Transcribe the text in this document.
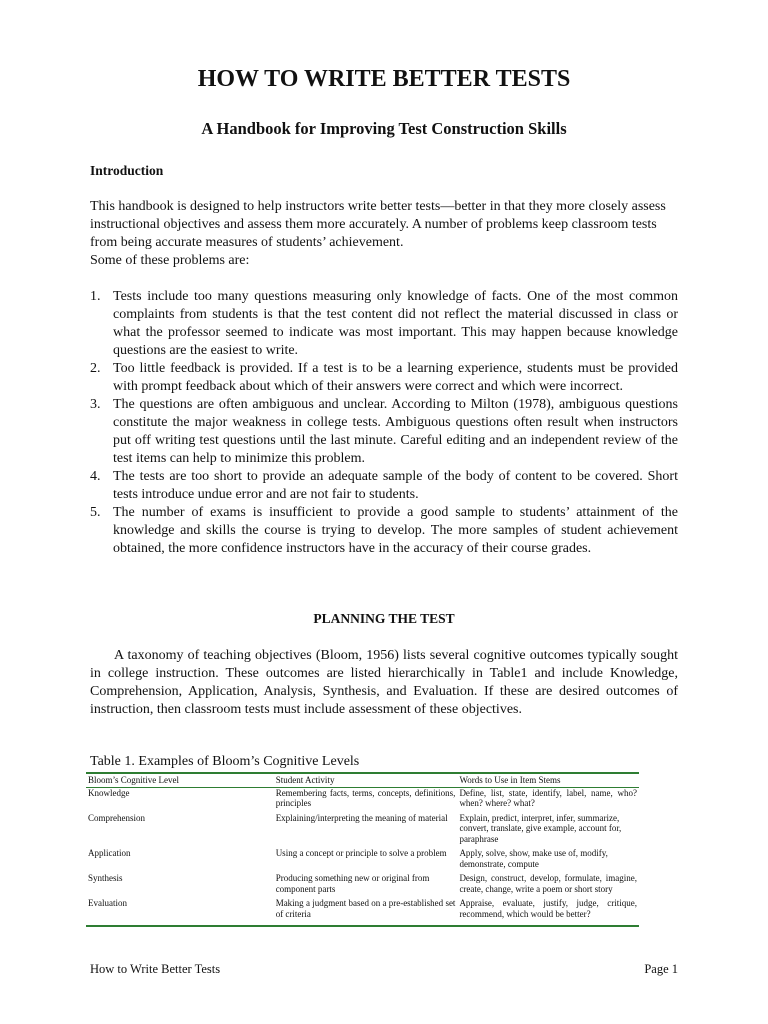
HOW TO WRITE BETTER TESTS
A Handbook for Improving Test Construction Skills
Introduction

This handbook is designed to help instructors write better tests—better in that they more closely assess instructional objectives and assess them more accurately. A number of problems keep classroom tests from being accurate measures of students’ achievement.

Some of these problems are:

1. Tests include too many questions measuring only knowledge of facts. One of the most common complaints from students is that the test content did not reflect the material discussed in class or what the professor seemed to indicate was most important. This may happen because knowledge questions are the easiest to write.
2. Too little feedback is provided. If a test is to be a learning experience, students must be provided with prompt feedback about which of their answers were correct and which were incorrect.
3. The questions are often ambiguous and unclear. According to Milton (1978), ambiguous questions constitute the major weakness in college tests. Ambiguous questions often result when instructors put off writing test questions until the last minute. Careful editing and an independent review of the test items can help to minimize this problem.
4. The tests are too short to provide an adequate sample of the body of content to be covered. Short tests introduce undue error and are not fair to students.
5. The number of exams is insufficient to provide a good sample to students’ attainment of the knowledge and skills the course is trying to develop. The more samples of student achievement obtained, the more confidence instructors have in the accuracy of their course grades.
PLANNING THE TEST

A taxonomy of teaching objectives (Bloom, 1956) lists several cognitive outcomes typically sought in college instruction. These outcomes are listed hierarchically in Table1 and include Knowledge, Comprehension, Application, Analysis, Synthesis, and Evaluation. If these are desired outcomes of instruction, then classroom tests must include assessment of these objectives.

Table 1. Examples of Bloom’s Cognitive Levels

Bloom’s Cognitive Level	Student Activity	Words to Use in Item Stems
Knowledge	Remembering facts, terms, concepts, definitions, principles	Define, list, state, identify, label, name, who? when? where? what?
Comprehension	Explaining/interpreting the meaning of material	Explain, predict, interpret, infer, summarize, convert, translate, give example, account for, paraphrase
Application	Using a concept or principle to solve a problem	Apply, solve, show, make use of, modify, demonstrate, compute
Synthesis	Producing something new or original from component parts	Design, construct, develop, formulate, imagine, create, change, write a poem or short story
Evaluation	Making a judgment based on a pre-established set of criteria	Appraise, evaluate, justify, judge, critique, recommend, which would be better?

How to Write Better Tests	Page 1
